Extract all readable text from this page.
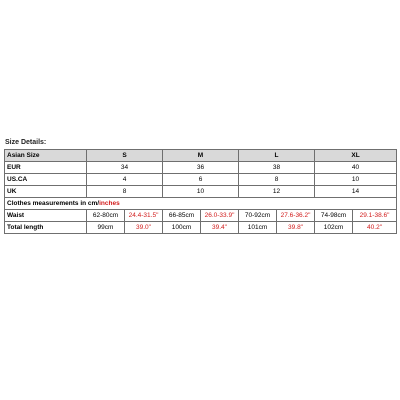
Size Details:
Asian Size	S		M		L		XL	
EUR	34		36		38		40	
US.CA	4		6		8		10	
UK	8		10		12		14	
Clothes measurements in cm/inches								
Waist	62-80cm	24.4-31.5"	66-85cm	26.0-33.9"	70-92cm	27.6-36.2"	74-98cm	29.1-38.6"
Total length	99cm	39.0"	100cm	39.4"	101cm	39.8"	102cm	40.2"
